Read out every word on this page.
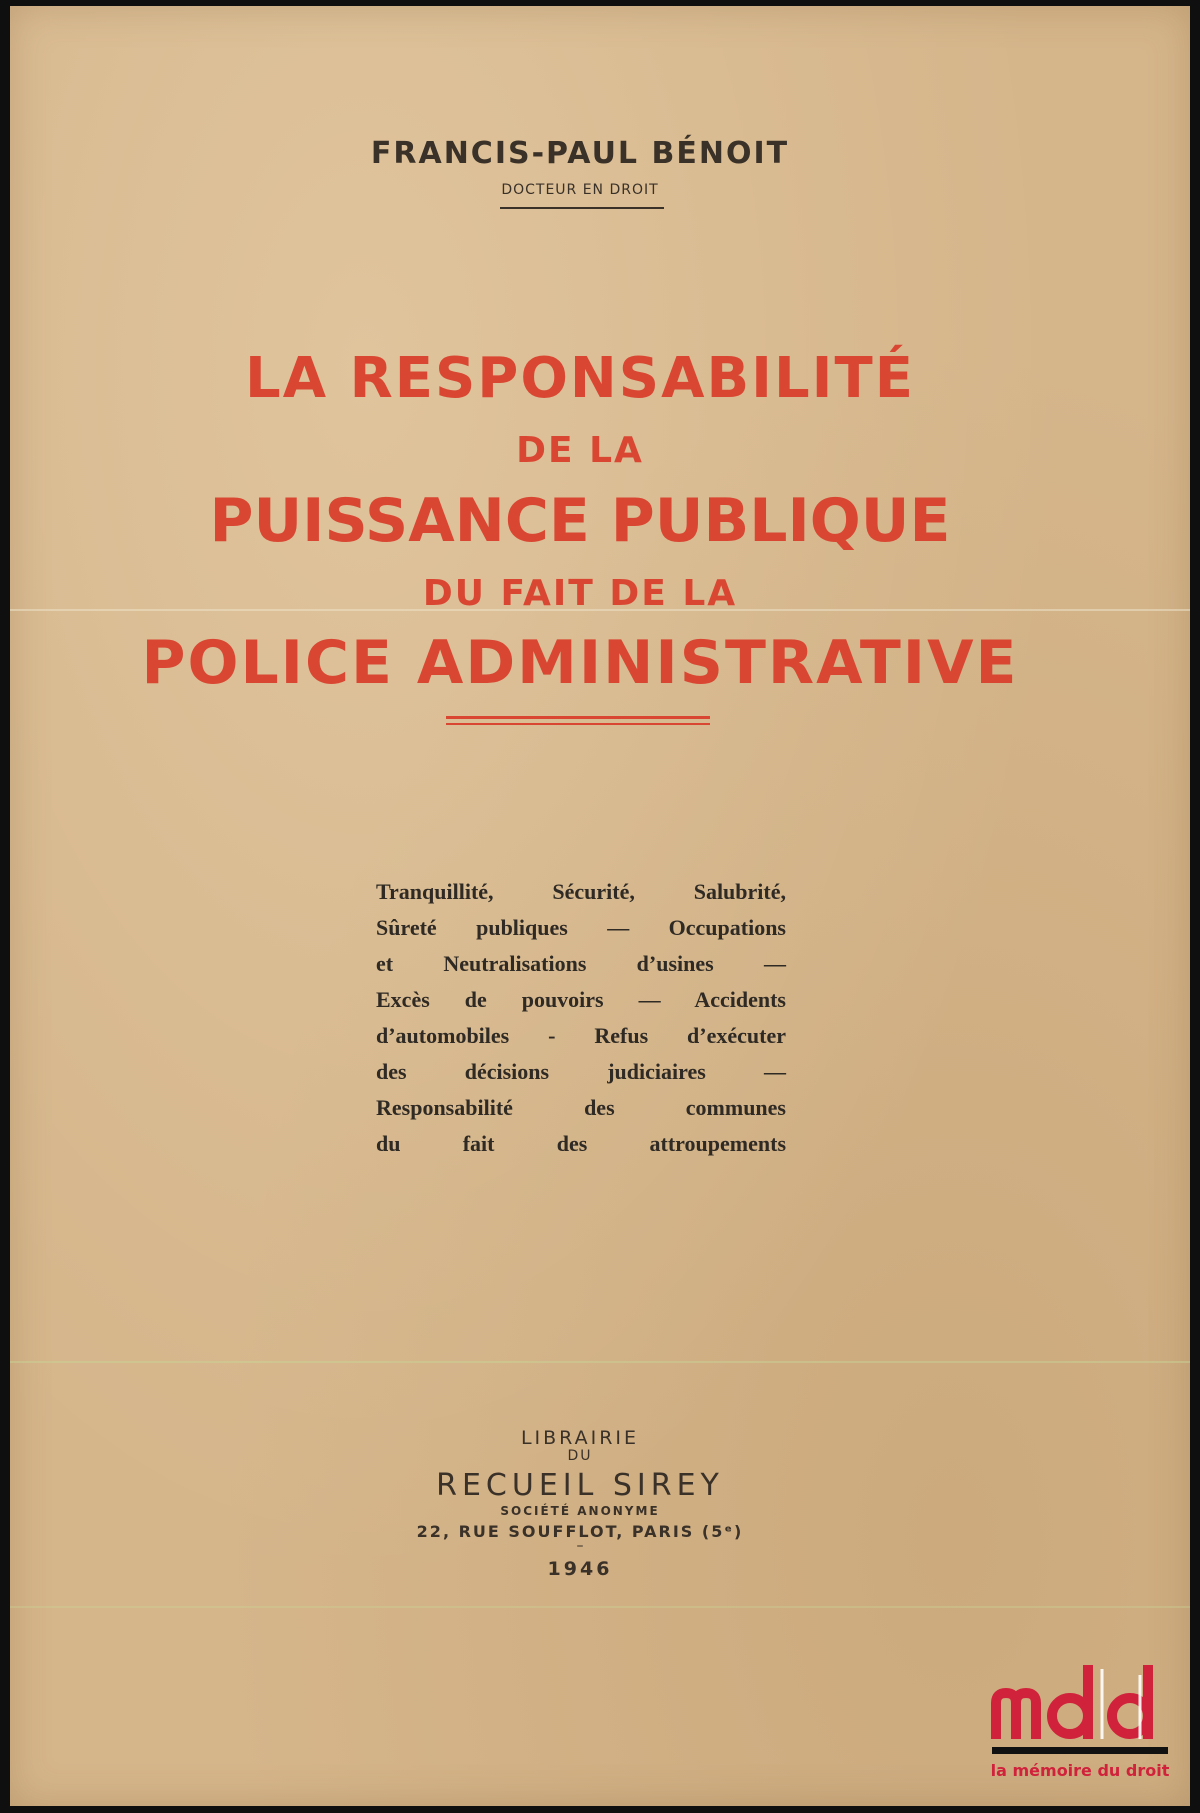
FRANCIS-PAUL BÉNOIT
DOCTEUR EN DROIT
LA RESPONSABILITÉ
DE LA
PUISSANCE PUBLIQUE
DU FAIT DE LA
POLICE ADMINISTRATIVE
Tranquillité, Sécurité, Salubrité,
Sûreté publiques — Occupations
et Neutralisations d’usines —
Excès de pouvoirs — Accidents
d’automobiles - Refus d’exécuter
des décisions judiciaires —
Responsabilité des communes
du fait des attroupements
LIBRAIRIE
DU
RECUEIL SIREY
SOCIÉTÉ ANONYME
22, RUE SOUFFLOT, PARIS (5ᵉ)
–
1946
la mémoire du droit
